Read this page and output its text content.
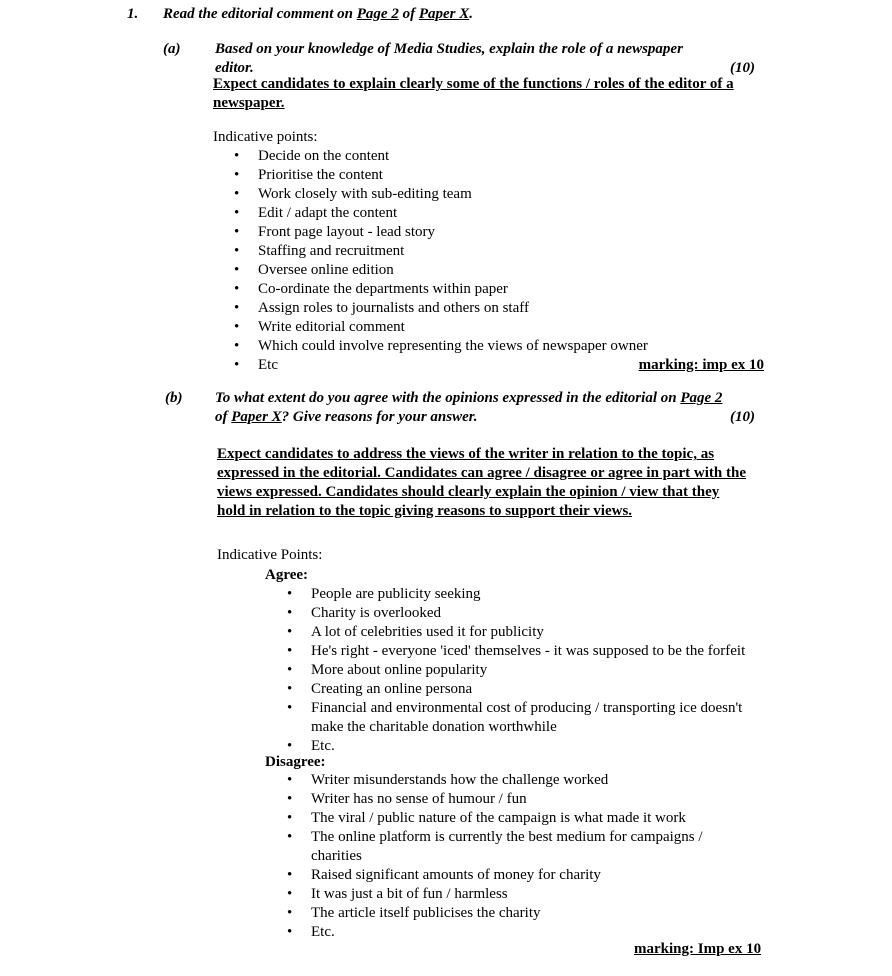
1. Read the editorial comment on Page 2 of Paper X.
(a) Based on your knowledge of Media Studies, explain the role of a newspaper
editor.	(10)
Expect candidates to explain clearly some of the functions / roles of the editor of a
newspaper.
Indicative points:
•
Decide on the content
•
Prioritise the content
•
Work closely with sub-editing team
•
Edit / adapt the content
•
Front page layout - lead story
•
Staffing and recruitment
•
Oversee online edition
•
Co-ordinate the departments within paper
•
Assign roles to journalists and others on staff
•
Write editorial comment
•
Which could involve representing the views of newspaper owner
•
Etc	marking: imp ex 10
(b) To what extent do you agree with the opinions expressed in the editorial on Page 2
of Paper X? Give reasons for your answer.	(10)
Expect candidates to address the views of the writer in relation to the topic, as
expressed in the editorial. Candidates can agree / disagree or agree in part with the
views expressed. Candidates should clearly explain the opinion / view that they
hold in relation to the topic giving reasons to support their views.
Indicative Points:
Agree:
•
People are publicity seeking
•
Charity is overlooked
•
A lot of celebrities used it for publicity
•
He's right - everyone 'iced' themselves - it was supposed to be the forfeit
•
More about online popularity
•
Creating an online persona
•
Financial and environmental cost of producing / transporting ice doesn't make the charitable donation worthwhile
•
Etc.
Disagree:
•
Writer misunderstands how the challenge worked
•
Writer has no sense of humour / fun
•
The viral / public nature of the campaign is what made it work
•
The online platform is currently the best medium for campaigns / charities
•
Raised significant amounts of money for charity
•
It was just a bit of fun / harmless
•
The article itself publicises the charity
•
Etc.
marking: Imp ex 10
